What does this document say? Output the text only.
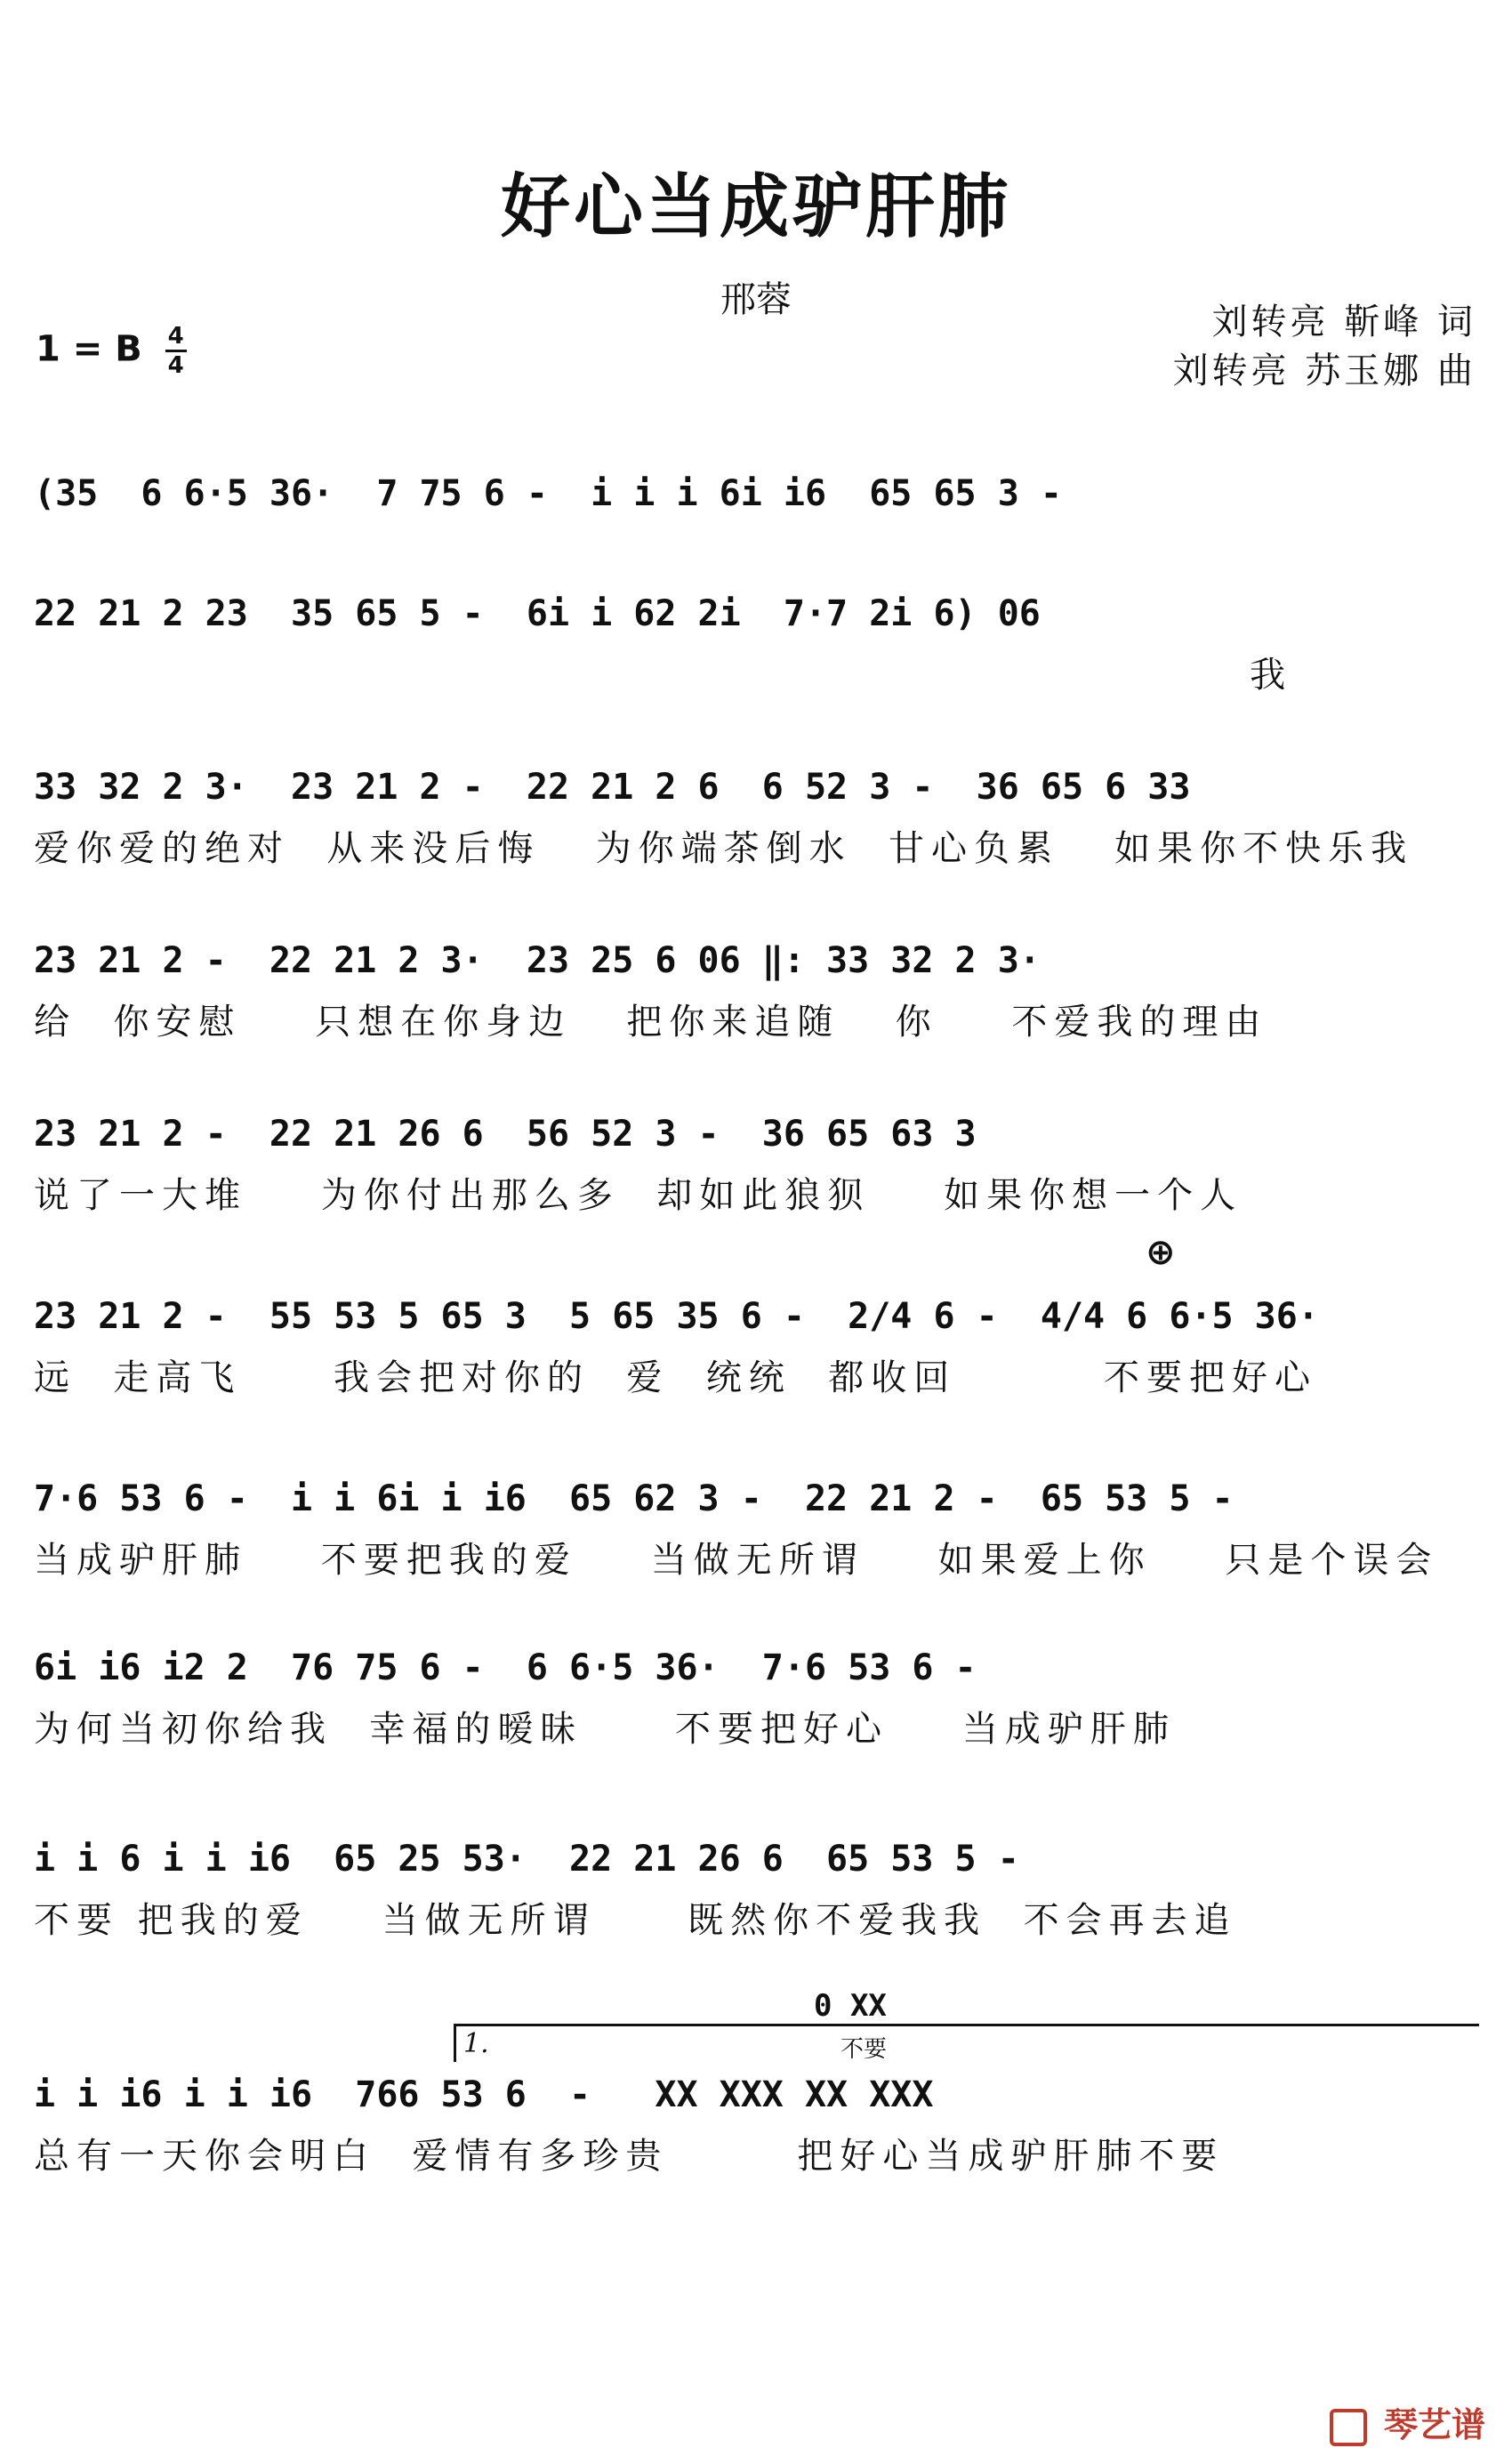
好心当成驴肝肺
邢蓉
刘转亮 靳峰 词
刘转亮 苏玉娜 曲
1 = B $\frac{4}{4}$
(35  6 6·5 36·  7 75 6 -  i i i 6i i6  65 65 3 -
22 21 2 23  35 65 5 -  6i i 62 2i  7·7 2i 6) 06
我
33 32 2 3·  23 21 2 -  22 21 2 6  6 52 3 -  36 65 6 33
爱你爱的绝对  从来没后悔   为你端茶倒水  甘心负累   如果你不快乐我
23 21 2 -  22 21 2 3·  23 25 6 06 ‖: 33 32 2 3·
给  你安慰    只想在你身边   把你来追随   你    不爱我的理由
23 21 2 -  22 21 26 6  56 52 3 -  36 65 63 3
说了一大堆    为你付出那么多  却如此狼狈    如果你想一个人
⊕
23 21 2 -  55 53 5 65 3  5 65 35 6 -  2/4 6 -  4/4 6 6·5 36·
远  走高飞     我会把对你的  爱  统统  都收回        不要把好心
7·6 53 6 -  i i 6i i i6  65 62 3 -  22 21 2 -  65 53 5 -
当成驴肝肺    不要把我的爱    当做无所谓    如果爱上你    只是个误会
6i i6 i2 2  76 75 6 -  6 6·5 36·  7·6 53 6 -
为何当初你给我  幸福的暧昧     不要把好心    当成驴肝肺
i i 6 i i i6  65 25 53·  22 21 26 6  65 53 5 -
不要 把我的爱    当做无所谓     既然你不爱我我  不会再去追
0 XX
不要
1.
i i i6 i i i6  766 53 6  -   XX XXX XX XXX
总有一天你会明白  爱情有多珍贵       把好心当成驴肝肺不要
琴艺谱
